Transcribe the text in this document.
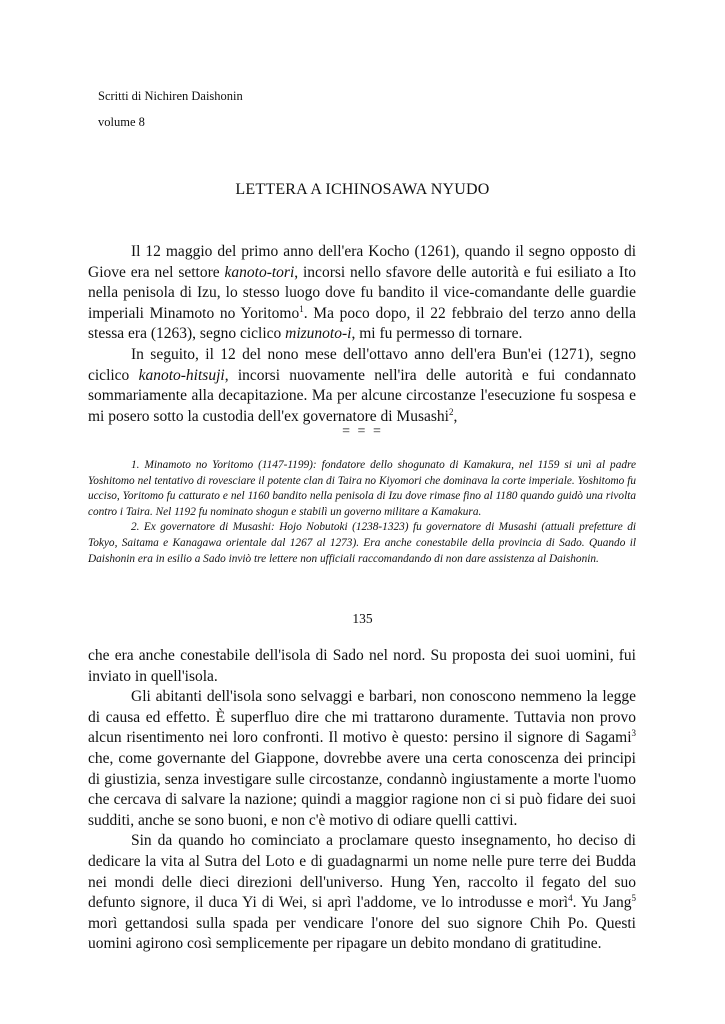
Scritti di Nichiren Daishonin
volume 8
LETTERA A ICHINOSAWA NYUDO

Il 12 maggio del primo anno dell'era Kocho (1261), quando il segno opposto di Giove era nel settore kanoto-tori, incorsi nello sfavore delle autorità e fui esiliato a Ito nella penisola di Izu, lo stesso luogo dove fu bandito il vice-comandante delle guardie imperiali Minamoto no Yoritomo$^1$. Ma poco dopo, il 22 febbraio del terzo anno della stessa era (1263), segno ciclico mizunoto-i, mi fu permesso di tornare.

In seguito, il 12 del nono mese dell'ottavo anno dell'era Bun'ei (1271), segno ciclico kanoto-hitsuji, incorsi nuovamente nell'ira delle autorità e fui condannato sommariamente alla decapitazione. Ma per alcune circostanze l'esecuzione fu sospesa e mi posero sotto la custodia dell'ex governatore di Musashi$^2$,

= = =

1. Minamoto no Yoritomo (1147-1199): fondatore dello shogunato di Kamakura, nel 1159 si unì al padre Yoshitomo nel tentativo di rovesciare il potente clan di Taira no Kiyomori che dominava la corte imperiale. Yoshitomo fu ucciso, Yoritomo fu catturato e nel 1160 bandito nella penisola di Izu dove rimase fino al 1180 quando guidò una rivolta contro i Taira. Nel 1192 fu nominato shogun e stabilì un governo militare a Kamakura.

2. Ex governatore di Musashi: Hojo Nobutoki (1238-1323) fu governatore di Musashi (attuali prefetture di Tokyo, Saitama e Kanagawa orientale dal 1267 al 1273). Era anche conestabile della provincia di Sado. Quando il Daishonin era in esilio a Sado inviò tre lettere non ufficiali raccomandando di non dare assistenza al Daishonin.

135

che era anche conestabile dell'isola di Sado nel nord. Su proposta dei suoi uomini, fui inviato in quell'isola.

Gli abitanti dell'isola sono selvaggi e barbari, non conoscono nemmeno la legge di causa ed effetto. È superfluo dire che mi trattarono duramente. Tuttavia non provo alcun risentimento nei loro confronti. Il motivo è questo: persino il signore di Sagami$^3$ che, come governante del Giappone, dovrebbe avere una certa conoscenza dei principi di giustizia, senza investigare sulle circostanze, condannò ingiustamente a morte l'uomo che cercava di salvare la nazione; quindi a maggior ragione non ci si può fidare dei suoi sudditi, anche se sono buoni, e non c'è motivo di odiare quelli cattivi.

Sin da quando ho cominciato a proclamare questo insegnamento, ho deciso di dedicare la vita al Sutra del Loto e di guadagnarmi un nome nelle pure terre dei Budda nei mondi delle dieci direzioni dell'universo. Hung Yen, raccolto il fegato del suo defunto signore, il duca Yi di Wei, si aprì l'addome, ve lo introdusse e morì$^4$. Yu Jang$^5$ morì gettandosi sulla spada per vendicare l'onore del suo signore Chih Po. Questi uomini agirono così semplicemente per ripagare un debito mondano di gratitudine.
